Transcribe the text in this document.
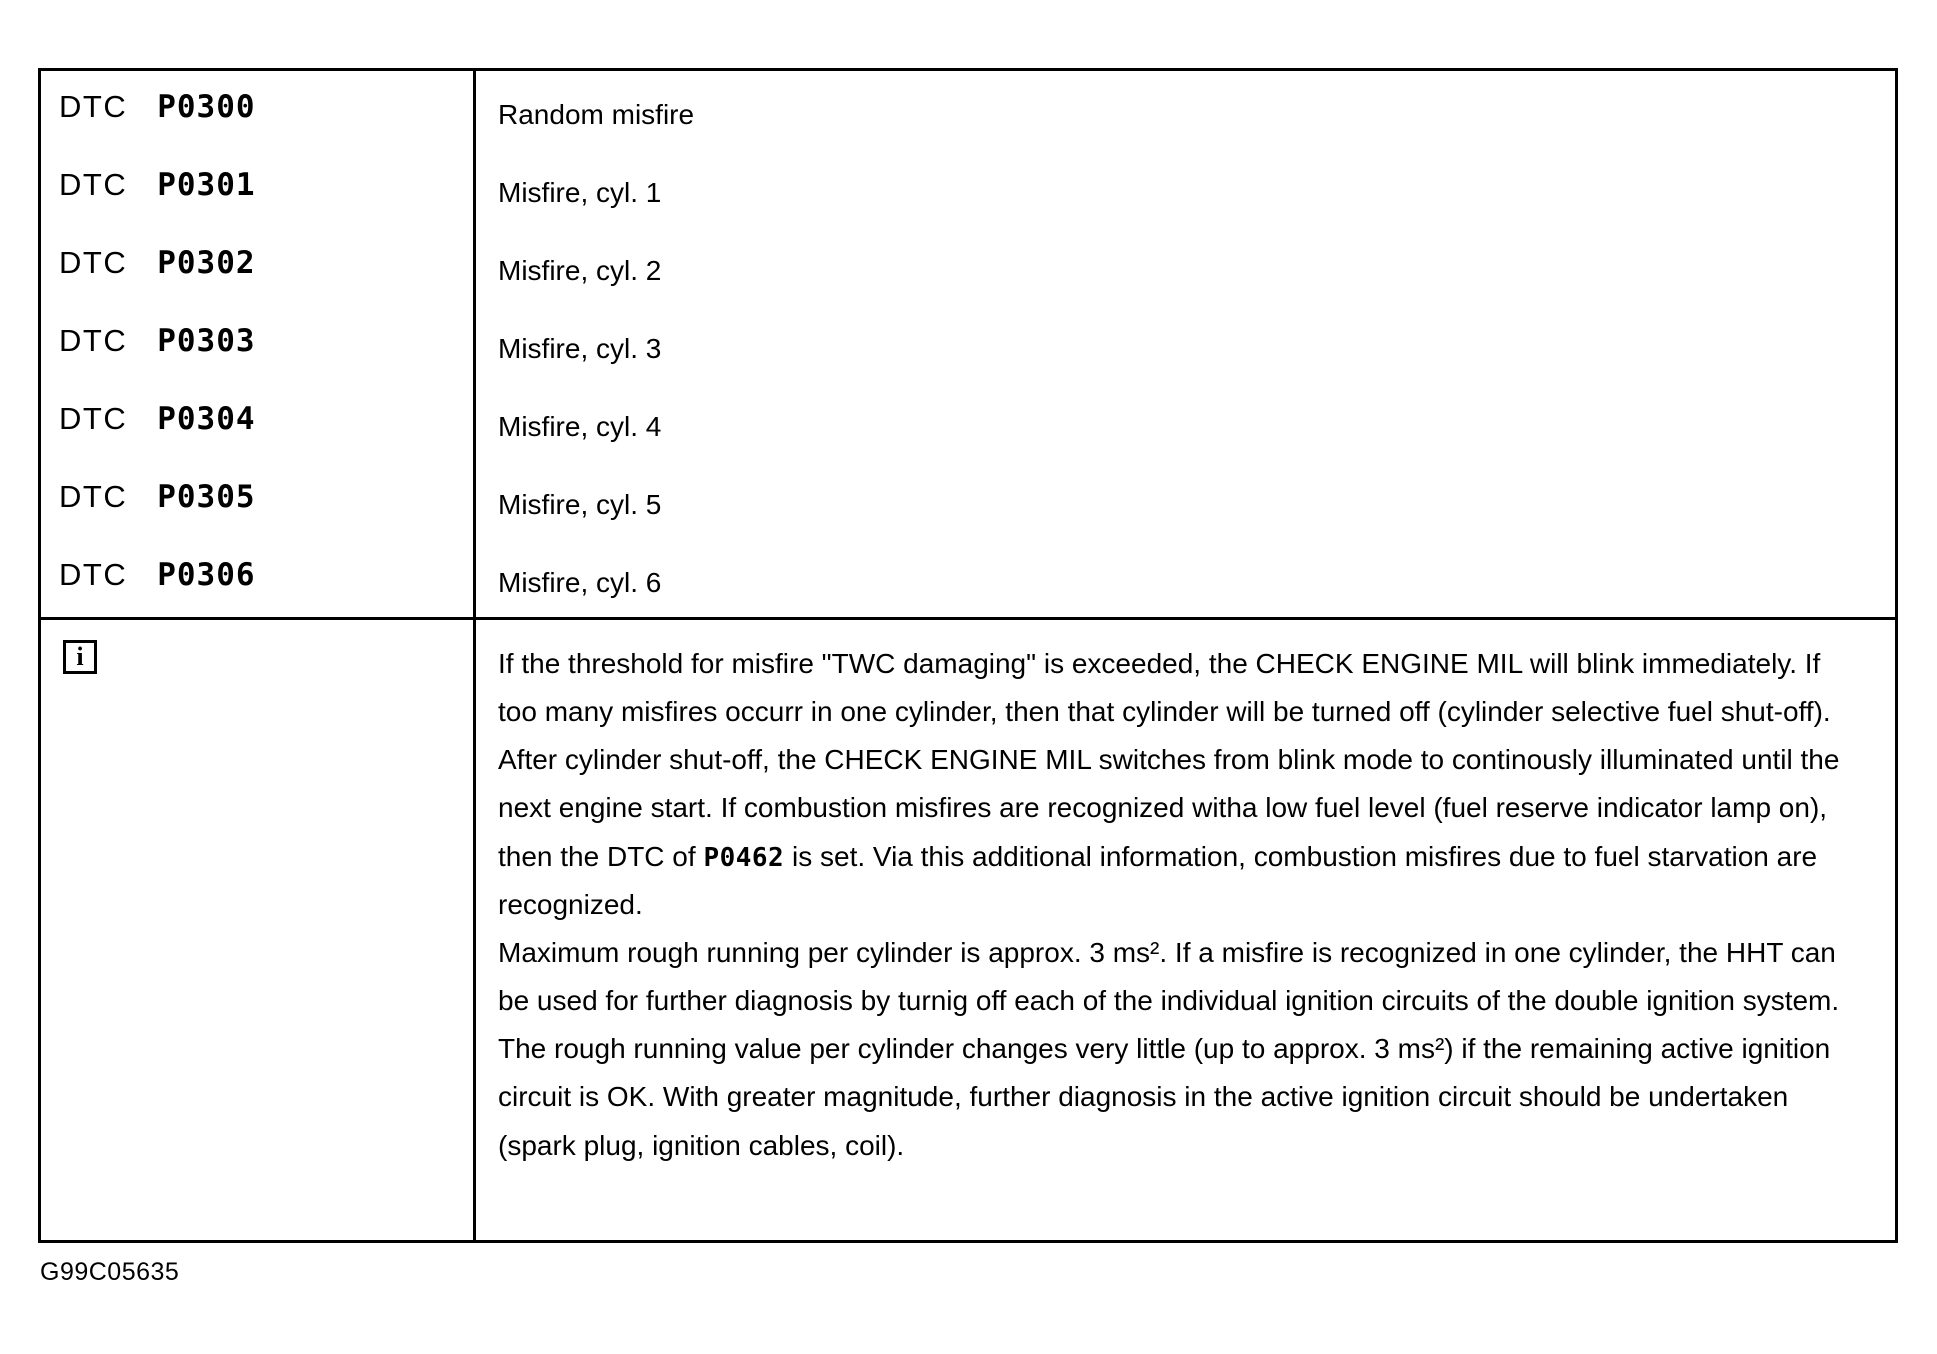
DTC P0300	Random misfire

DTC P0301	Misfire, cyl. 1

DTC P0302	Misfire, cyl. 2

DTC P0303	Misfire, cyl. 3

DTC P0304	Misfire, cyl. 4

DTC P0305	Misfire, cyl. 5

DTC P0306	Misfire, cyl. 6

i	If the threshold for misfire "TWC damaging" is exceeded, the CHECK ENGINE MIL will blink immediately. If too many misfires occurr in one cylinder, then that cylinder will be turned off (cylinder selective fuel shut-off). After cylinder shut-off, the CHECK ENGINE MIL switches from blink mode to continously illuminated until the next engine start. If combustion misfires are recognized witha low fuel level (fuel reserve indicator lamp on), then the DTC of P0462 is set. Via this additional information, combustion misfires due to fuel starvation are recognized.

Maximum rough running per cylinder is approx. 3 ms². If a misfire is recognized in one cylinder, the HHT can be used for further diagnosis by turnig off each of the individual ignition circuits of the double ignition system. The rough running value per cylinder changes very little (up to approx. 3 ms²) if the remaining active ignition circuit is OK. With greater magnitude, further diagnosis in the active ignition circuit should be undertaken (spark plug, ignition cables, coil).

G99C05635
